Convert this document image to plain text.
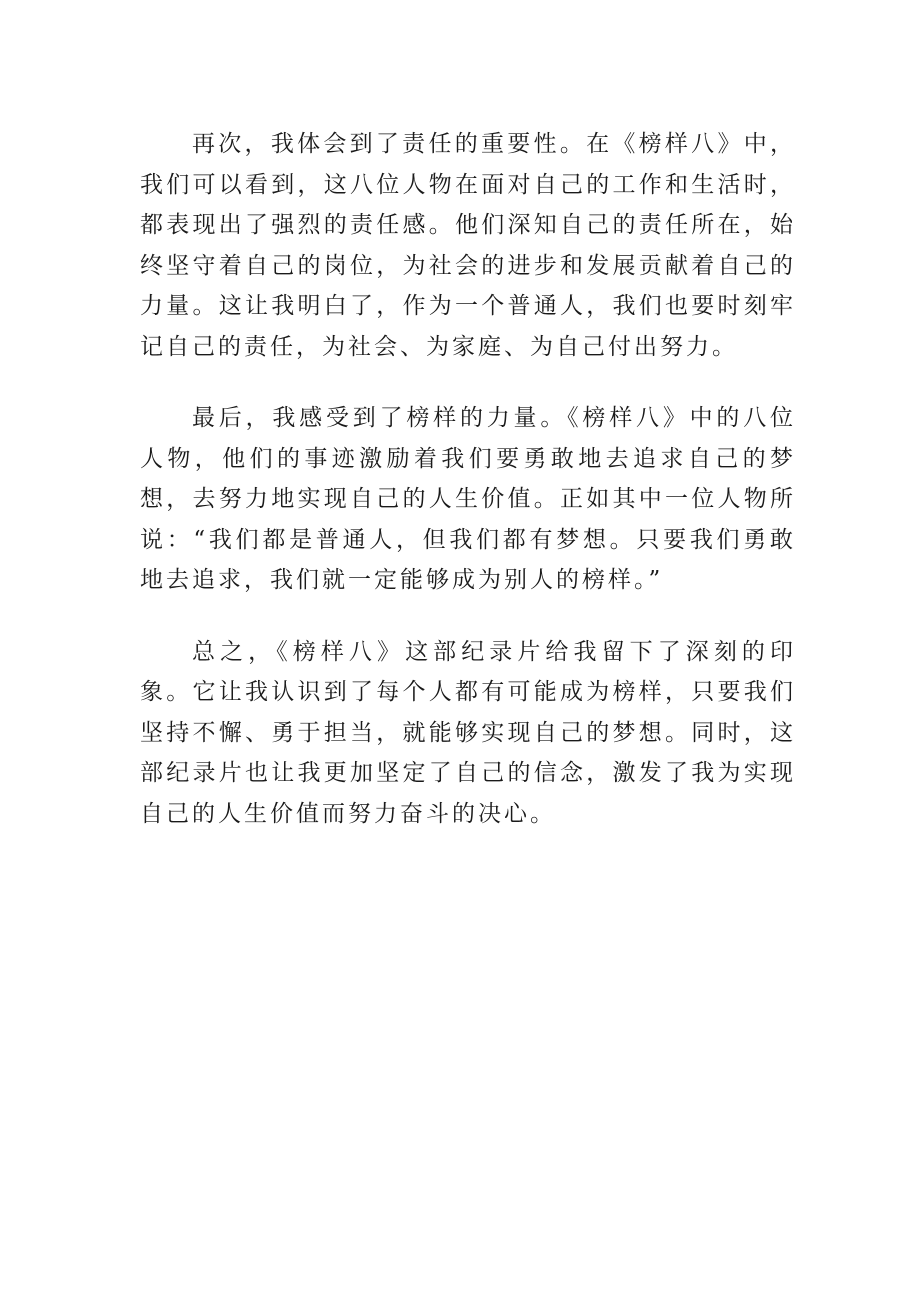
再次，我体会到了责任的重要性。在《榜样八》中，我们可以看到，这八位人物在面对自己的工作和生活时，都表现出了强烈的责任感。他们深知自己的责任所在，始终坚守着自己的岗位，为社会的进步和发展贡献着自己的力量。这让我明白了，作为一个普通人，我们也要时刻牢记自己的责任，为社会、为家庭、为自己付出努力。

最后，我感受到了榜样的力量。《榜样八》中的八位人物，他们的事迹激励着我们要勇敢地去追求自己的梦想，去努力地实现自己的人生价值。正如其中一位人物所说：“我们都是普通人，但我们都有梦想。只要我们勇敢地去追求，我们就一定能够成为别人的榜样。”

总之，《榜样八》这部纪录片给我留下了深刻的印象。它让我认识到了每个人都有可能成为榜样，只要我们坚持不懈、勇于担当，就能够实现自己的梦想。同时，这部纪录片也让我更加坚定了自己的信念，激发了我为实现自己的人生价值而努力奋斗的决心。
